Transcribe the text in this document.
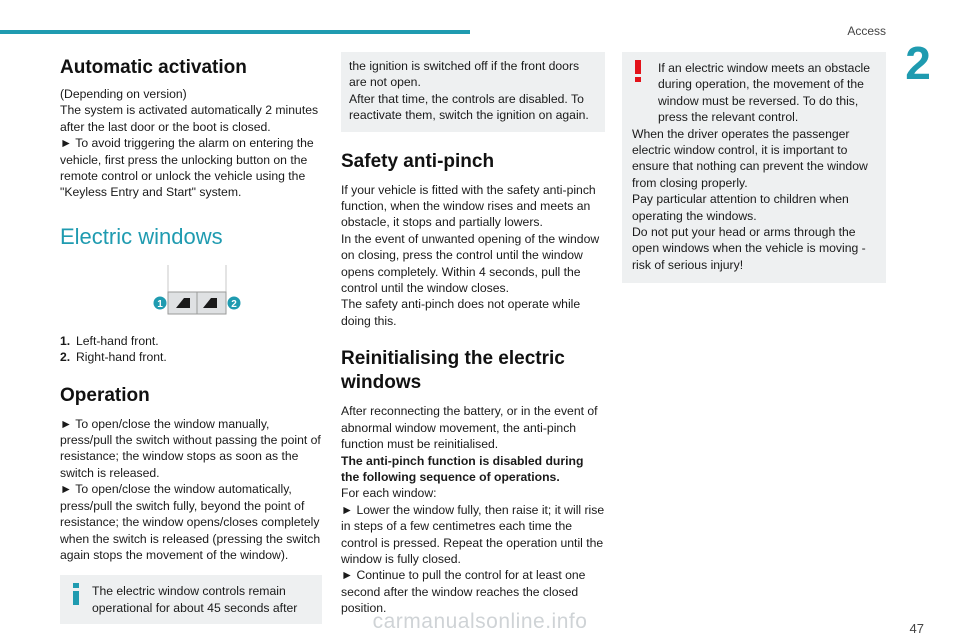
Access
2
Automatic activation

(Depending on version)

The system is activated automatically 2 minutes after the last door or the boot is closed.

► To avoid triggering the alarm on entering the vehicle, first press the unlocking button on the remote control or unlock the vehicle using the "Keyless Entry and Start" system.

Electric windows
1	2
1. Left-hand front.
2. Right-hand front.
Operation

► To open/close the window manually, press/pull the switch without passing the point of resistance; the window stops as soon as the switch is released.

► To open/close the window automatically, press/pull the switch fully, beyond the point of resistance; the window opens/closes completely when the switch is released (pressing the switch again stops the movement of the window).

The electric window controls remain operational for about 45 seconds after

the ignition is switched off if the front doors are not open.

After that time, the controls are disabled. To reactivate them, switch the ignition on again.

Safety anti-pinch

If your vehicle is fitted with the safety anti-pinch function, when the window rises and meets an obstacle, it stops and partially lowers.

In the event of unwanted opening of the window on closing, press the control until the window opens completely. Within 4 seconds, pull the control until the window closes.

The safety anti-pinch does not operate while doing this.

Reinitialising the electric windows

After reconnecting the battery, or in the event of abnormal window movement, the anti-pinch function must be reinitialised.

The anti-pinch function is disabled during the following sequence of operations.

For each window:

► Lower the window fully, then raise it; it will rise in steps of a few centimetres each time the control is pressed. Repeat the operation until the window is fully closed.

► Continue to pull the control for at least one second after the window reaches the closed position.

If an electric window meets an obstacle during operation, the movement of the window must be reversed. To do this, press the relevant control.

When the driver operates the passenger electric window control, it is important to ensure that nothing can prevent the window from closing properly.

Pay particular attention to children when operating the windows.

Do not put your head or arms through the open windows when the vehicle is moving - risk of serious injury!

carmanualsonline.info	47
